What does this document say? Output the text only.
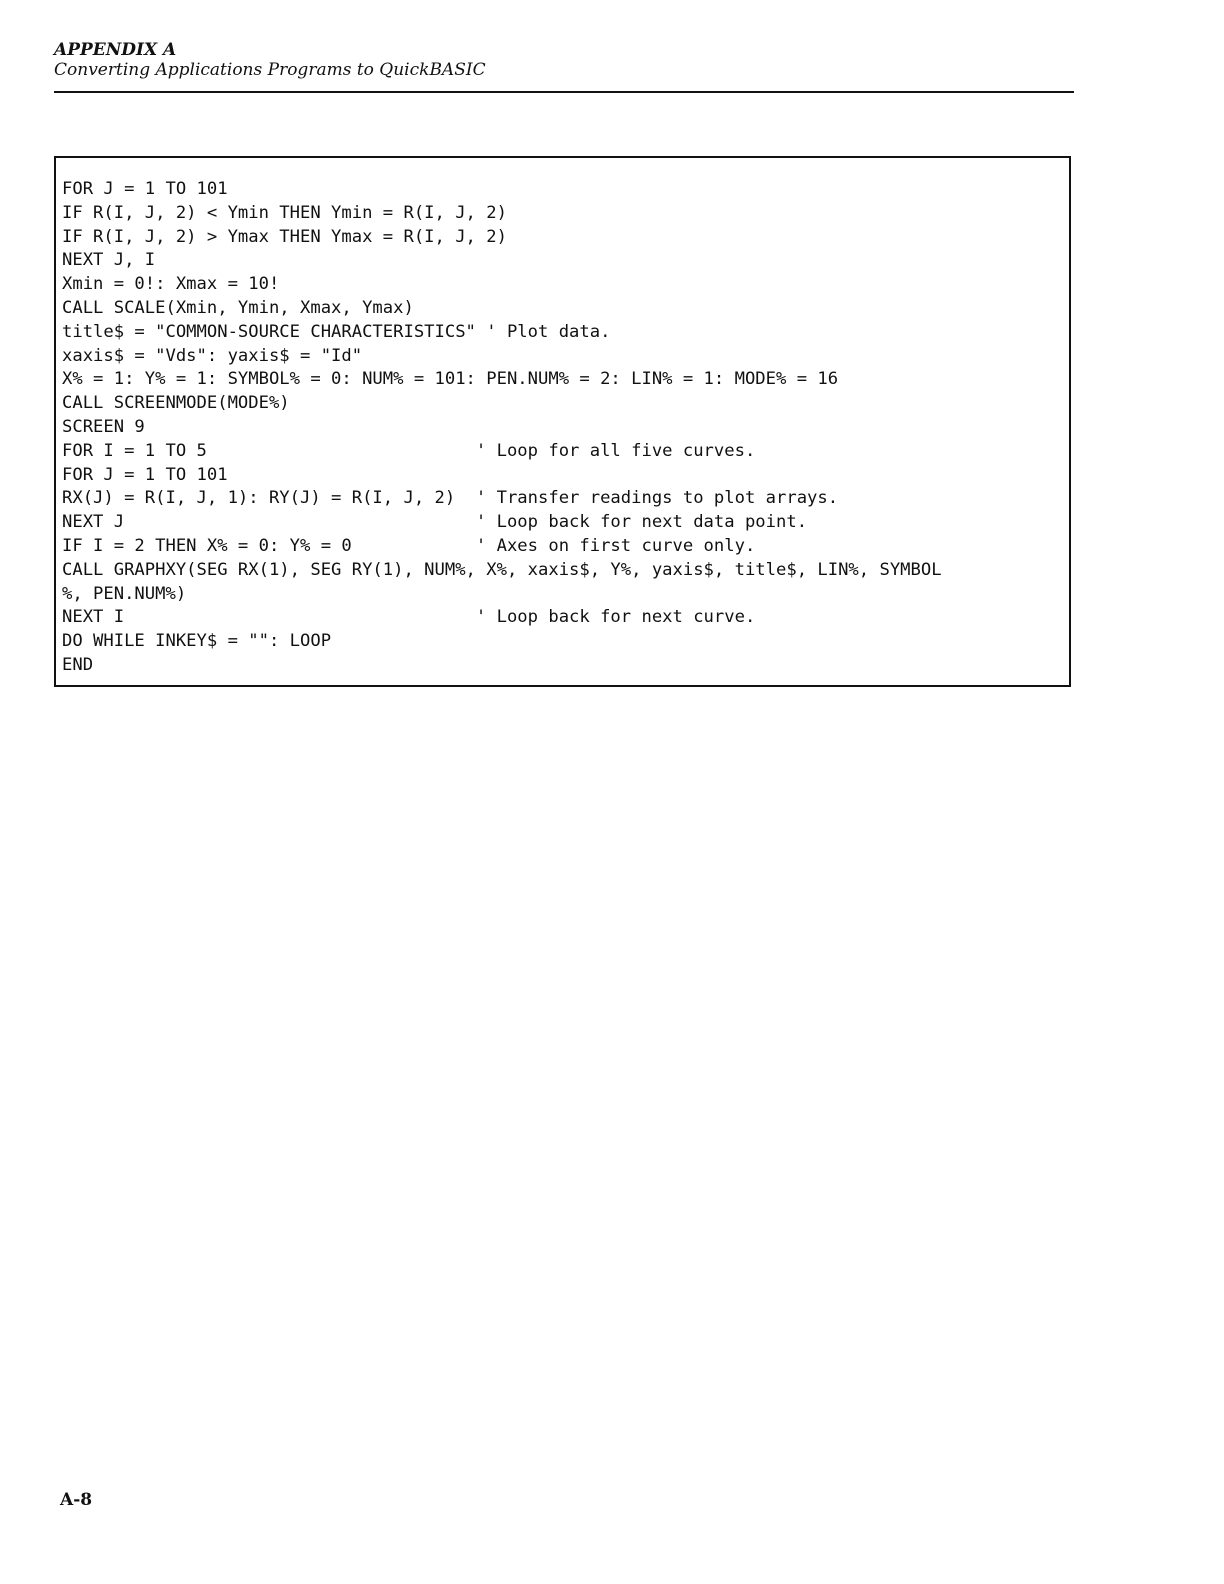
APPENDIX A

Converting Applications Programs to QuickBASIC

FOR J = 1 TO 101
IF R(I, J, 2) < Ymin THEN Ymin = R(I, J, 2)
IF R(I, J, 2) > Ymax THEN Ymax = R(I, J, 2)
NEXT J, I
Xmin = 0!: Xmax = 10!
CALL SCALE(Xmin, Ymin, Xmax, Ymax)
title$ = "COMMON-SOURCE CHARACTERISTICS" ' Plot data.
xaxis$ = "Vds": yaxis$ = "Id"
X% = 1: Y% = 1: SYMBOL% = 0: NUM% = 101: PEN.NUM% = 2: LIN% = 1: MODE% = 16
CALL SCREENMODE(MODE%)
SCREEN 9
FOR I = 1 TO 5                          ' Loop for all five curves.
FOR J = 1 TO 101
RX(J) = R(I, J, 1): RY(J) = R(I, J, 2)  ' Transfer readings to plot arrays.
NEXT J                                  ' Loop back for next data point.
IF I = 2 THEN X% = 0: Y% = 0            ' Axes on first curve only.
CALL GRAPHXY(SEG RX(1), SEG RY(1), NUM%, X%, xaxis$, Y%, yaxis$, title$, LIN%, SYMBOL
%, PEN.NUM%)
NEXT I                                  ' Loop back for next curve.
DO WHILE INKEY$ = "": LOOP
END

A-8
